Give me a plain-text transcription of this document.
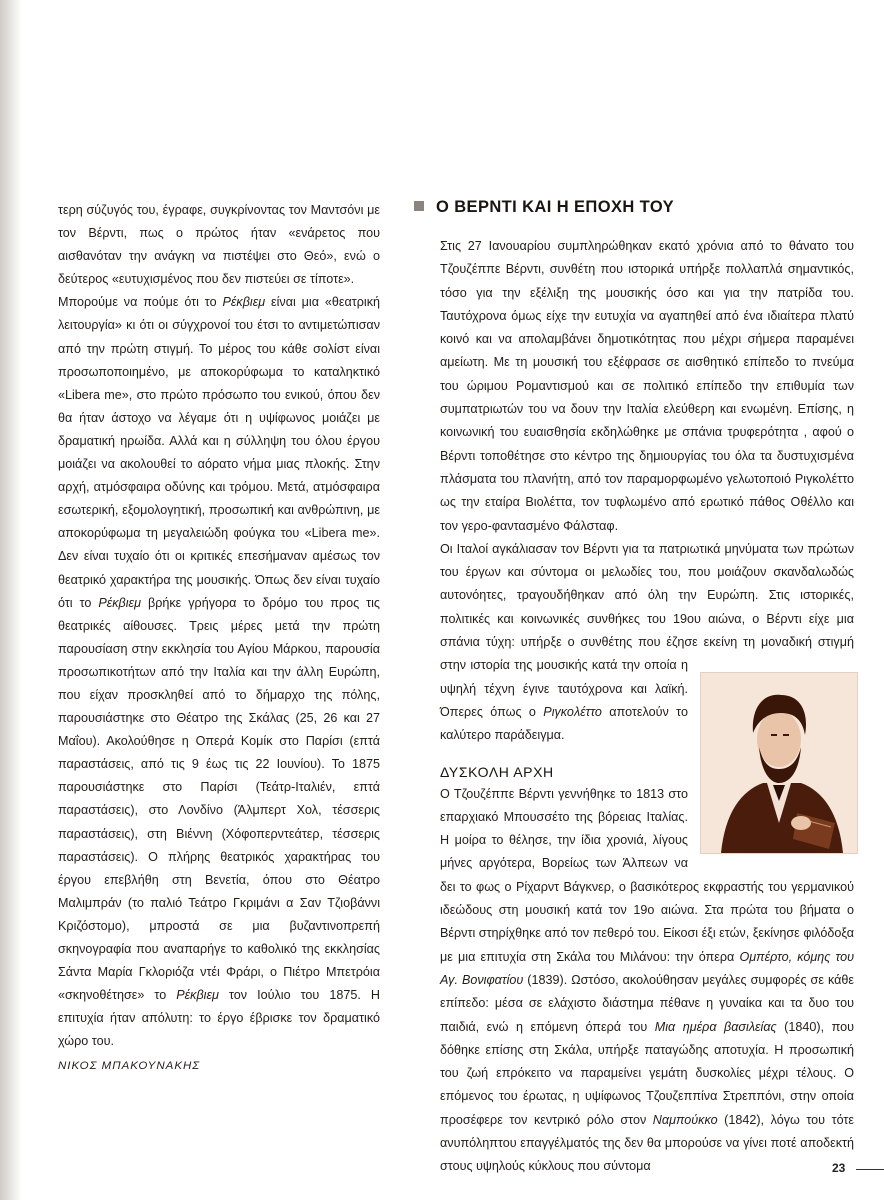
τερη σύζυγός του, έγραφε, συγκρίνοντας τον Μαντσόνι με τον Βέρντι, πως ο πρώτος ήταν «ενάρετος που αισθανόταν την ανάγκη να πιστέψει στο Θεό», ενώ ο δεύτερος «ευτυχισμένος που δεν πιστεύει σε τίποτε».

Μπορούμε να πούμε ότι το Ρέκβιεμ είναι μια «θεατρική λειτουργία» κι ότι οι σύγχρονοί του έτσι το αντιμετώπισαν από την πρώτη στιγμή. Το μέρος του κάθε σολίστ είναι προσωποποιημένο, με αποκορύφωμα το καταληκτικό «Libera me», στο πρώτο πρόσωπο του ενικού, όπου δεν θα ήταν άστοχο να λέγαμε ότι η υψίφωνος μοιάζει με δραματική ηρωίδα. Αλλά και η σύλληψη του όλου έργου μοιάζει να ακολουθεί το αόρατο νήμα μιας πλοκής. Στην αρχή, ατμόσφαιρα οδύνης και τρόμου. Μετά, ατμόσφαιρα εσωτερική, εξομολογητική, προσωπική και ανθρώπινη, με αποκορύφωμα τη μεγαλειώδη φούγκα του «Libera me». Δεν είναι τυχαίο ότι οι κριτικές επεσήμαναν αμέσως τον θεατρικό χαρακτήρα της μουσικής. Όπως δεν είναι τυχαίο ότι το Ρέκβιεμ βρήκε γρήγορα το δρόμο του προς τις θεατρικές αίθουσες. Τρεις μέρες μετά την πρώτη παρουσίαση στην εκκλησία του Αγίου Μάρκου, παρουσία προσωπικοτήτων από την Ιταλία και την άλλη Ευρώπη, που είχαν προσκληθεί από το δήμαρχο της πόλης, παρουσιάστηκε στο Θέατρο της Σκάλας (25, 26 και 27 Μαΐου). Ακολούθησε η Οπερά Κομίκ στο Παρίσι (επτά παραστάσεις, από τις 9 έως τις 22 Ιουνίου). Το 1875 παρουσιάστηκε στο Παρίσι (Τεάτρ-Ιταλιέν, επτά παραστάσεις), στο Λονδίνο (Άλμπερτ Χολ, τέσσερις παραστάσεις), στη Βιέννη (Χόφοπερντεάτερ, τέσσερις παραστάσεις). Ο πλήρης θεατρικός χαρακτήρας του έργου επεβλήθη στη Βενετία, όπου στο Θέατρο Μαλιμπράν (το παλιό Τεάτρο Γκριμάνι α Σαν Τζιοβάννι Κριζόστομο), μπροστά σε μια βυζαντινοπρεπή σκηνογραφία που αναπαρήγε το καθολικό της εκκλησίας Σάντα Μαρία Γκλοριόζα ντέι Φράρι, ο Πιέτρο Μπετρόια «σκηνοθέτησε» το Ρέκβιεμ τον Ιούλιο του 1875. Η επιτυχία ήταν απόλυτη: το έργο έβρισκε τον δραματικό χώρο του.

ΝΙΚΟΣ ΜΠΑΚΟΥΝΑΚΗΣ

Ο ΒΕΡΝΤΙ ΚΑΙ Η ΕΠΟΧΗ ΤΟΥ

Στις 27 Ιανουαρίου συμπληρώθηκαν εκατό χρόνια από το θάνατο του Τζουζέππε Βέρντι, συνθέτη που ιστορικά υπήρξε πολλαπλά σημαντικός, τόσο για την εξέλιξη της μουσικής όσο και για την πατρίδα του. Ταυτόχρονα όμως είχε την ευτυχία να αγαπηθεί από ένα ιδιαίτερα πλατύ κοινό και να απολαμβάνει δημοτικότητας που μέχρι σήμερα παραμένει αμείωτη. Με τη μουσική του εξέφρασε σε αισθητικό επίπεδο το πνεύμα του ώριμου Ρομαντισμού και σε πολιτικό επίπεδο την επιθυμία των συμπατριωτών του να δουν την Ιταλία ελεύθερη και ενωμένη. Επίσης, η κοινωνική του ευαισθησία εκδηλώθηκε με σπάνια τρυφερότητα , αφού ο Βέρντι τοποθέτησε στο κέντρο της δημιουργίας του όλα τα δυστυχισμένα πλάσματα του πλανήτη, από τον παραμορφωμένο γελωτοποιό Ριγκολέττο ως την εταίρα Βιολέττα, τον τυφλωμένο από ερωτικό πάθος Οθέλλο και τον γερο-φαντασμένο Φάλσταφ.

Οι Ιταλοί αγκάλιασαν τον Βέρντι για τα πατριωτικά μηνύματα των πρώτων του έργων και σύντομα οι μελωδίες του, που μοιάζουν σκανδαλωδώς αυτονόητες, τραγουδήθηκαν από όλη την Ευρώπη. Στις ιστορικές, πολιτικές και κοινωνικές συνθήκες του 19ου αιώνα, ο Βέρντι είχε μια σπάνια τύχη: υπήρξε ο συνθέτης που έζησε εκείνη τη μοναδική στιγμή στην ιστορία της μουσικής κατά την οποία η υψηλή τέχνη έγινε ταυτόχρονα και λαϊκή. Όπερες όπως ο Ριγκολέττο αποτελούν το καλύτερο παράδειγμα.

ΔΥΣΚΟΛΗ ΑΡΧΗ

Ο Τζουζέππε Βέρντι γεννήθηκε το 1813 στο επαρχιακό Μπουσσέτο της βόρειας Ιταλίας. Η μοίρα το θέλησε, την ίδια χρονιά, λίγους μήνες αργότερα, Βορείως των Άλπεων να δει το φως ο Ρίχαρντ Βάγκνερ, ο βασικότερος εκφραστής του γερμανικού ιδεώδους στη μουσική κατά τον 19ο αιώνα. Στα πρώτα του βήματα ο Βέρντι στηρίχθηκε από τον πεθερό του. Είκοσι έξι ετών, ξεκίνησε φιλόδοξα με μια επιτυχία στη Σκάλα του Μιλάνου: την όπερα Ομπέρτο, κόμης του Αγ. Βονιφατίου (1839). Ωστόσο, ακολούθησαν μεγάλες συμφορές σε κάθε επίπεδο: μέσα σε ελάχιστο διάστημα πέθανε η γυναίκα και τα δυο του παιδιά, ενώ η επόμενη όπερά του Μια ημέρα βασιλείας (1840), που δόθηκε επίσης στη Σκάλα, υπήρξε παταγώδης αποτυχία. Η προσωπική του ζωή επρόκειτο να παραμείνει γεμάτη δυσκολίες μέχρι τέλους. Ο επόμενος του έρωτας, η υψίφωνος Τζουζεππίνα Στρεππόνι, στην οποία προσέφερε τον κεντρικό ρόλο στον Ναμπούκκο (1842), λόγω του τότε ανυπόληπτου επαγγέλματός της δεν θα μπορούσε να γίνει ποτέ αποδεκτή στους υψηλούς κύκλους που σύντομα	23
